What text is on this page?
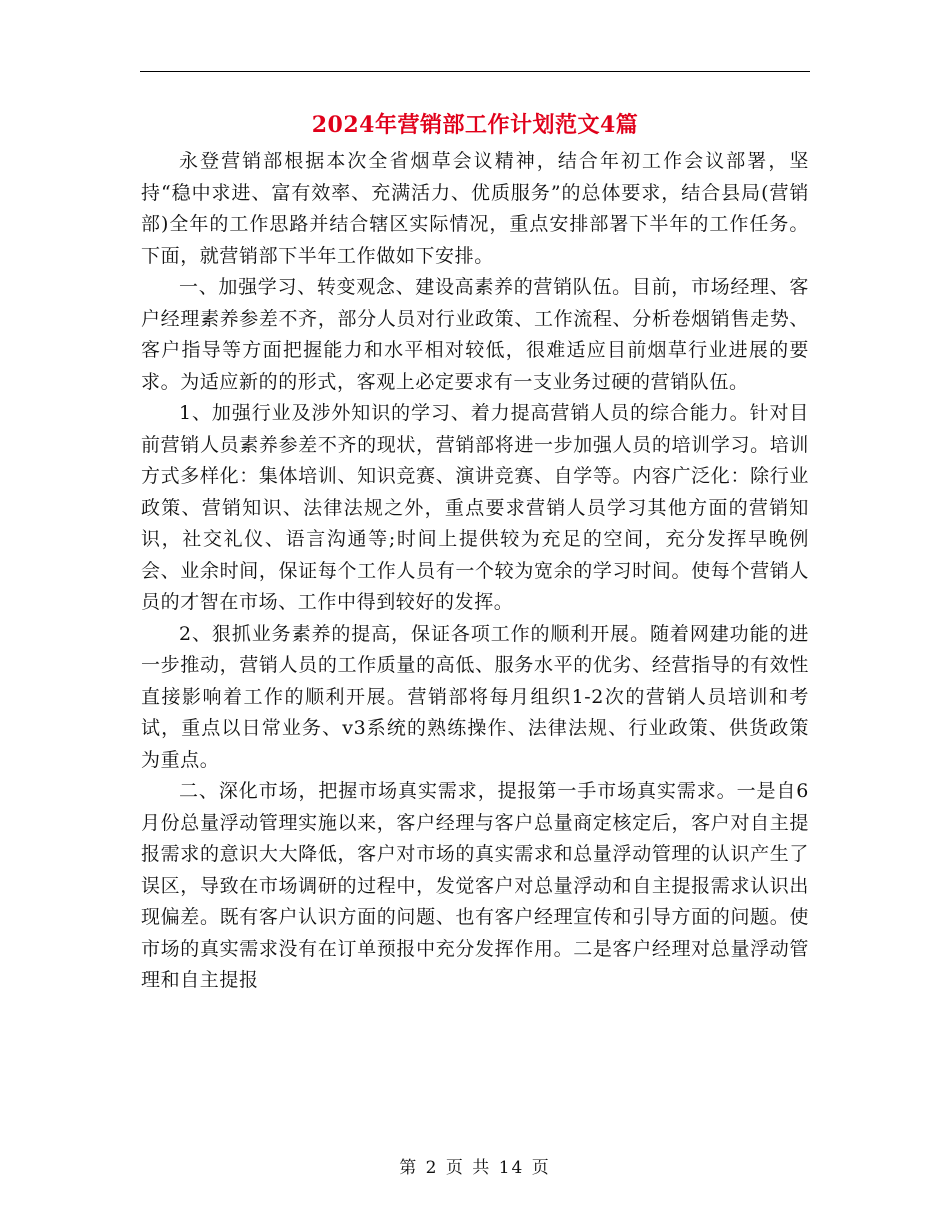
2024年营销部工作计划范文4篇

永登营销部根据本次全省烟草会议精神，结合年初工作会议部署，坚持“稳中求进、富有效率、充满活力、优质服务”的总体要求，结合县局(营销部)全年的工作思路并结合辖区实际情况，重点安排部署下半年的工作任务。下面，就营销部下半年工作做如下安排。

一、加强学习、转变观念、建设高素养的营销队伍。目前，市场经理、客户经理素养参差不齐，部分人员对行业政策、工作流程、分析卷烟销售走势、客户指导等方面把握能力和水平相对较低，很难适应目前烟草行业进展的要求。为适应新的的形式，客观上必定要求有一支业务过硬的营销队伍。

1、加强行业及涉外知识的学习、着力提高营销人员的综合能力。针对目前营销人员素养参差不齐的现状，营销部将进一步加强人员的培训学习。培训方式多样化：集体培训、知识竞赛、演讲竞赛、自学等。内容广泛化：除行业政策、营销知识、法律法规之外，重点要求营销人员学习其他方面的营销知识，社交礼仪、语言沟通等;时间上提供较为充足的空间，充分发挥早晚例会、业余时间，保证每个工作人员有一个较为宽余的学习时间。使每个营销人员的才智在市场、工作中得到较好的发挥。

2、狠抓业务素养的提高，保证各项工作的顺利开展。随着网建功能的进一步推动，营销人员的工作质量的高低、服务水平的优劣、经营指导的有效性直接影响着工作的顺利开展。营销部将每月组织1-2次的营销人员培训和考试，重点以日常业务、v3系统的熟练操作、法律法规、行业政策、供货政策为重点。

二、深化市场，把握市场真实需求，提报第一手市场真实需求。一是自6月份总量浮动管理实施以来，客户经理与客户总量商定核定后，客户对自主提报需求的意识大大降低，客户对市场的真实需求和总量浮动管理的认识产生了误区，导致在市场调研的过程中，发觉客户对总量浮动和自主提报需求认识出现偏差。既有客户认识方面的问题、也有客户经理宣传和引导方面的问题。使市场的真实需求没有在订单预报中充分发挥作用。二是客户经理对总量浮动管理和自主提报

第 2 页 共 14 页
